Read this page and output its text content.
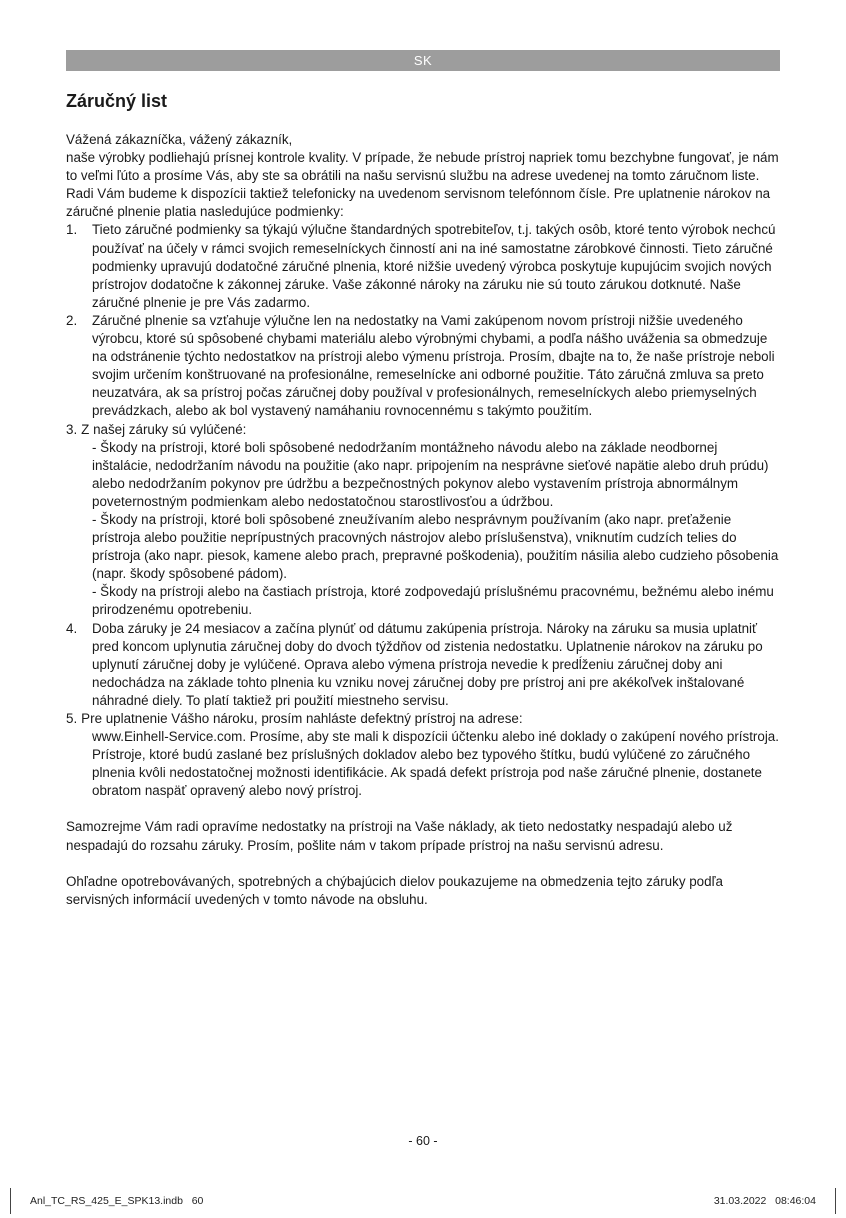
SK
Záručný list

Vážená zákazníčka, vážený zákazník,

naše výrobky podliehajú prísnej kontrole kvality. V prípade, že nebude prístroj napriek tomu bezchybne fungovať, je nám to veľmi ľúto a prosíme Vás, aby ste sa obrátili na našu servisnú službu na adrese uvedenej na tomto záručnom liste. Radi Vám budeme k dispozícii taktiež telefonicky na uvedenom servisnom telefónnom čísle. Pre uplatnenie nárokov na záručné plnenie platia nasledujúce podmienky:

1. Tieto záručné podmienky sa týkajú výlučne štandardných spotrebiteľov, t.j. takých osôb, ktoré tento výrobok nechcú používať na účely v rámci svojich remeselníckych činností ani na iné samostatne zárobkové činnosti. Tieto záručné podmienky upravujú dodatočné záručné plnenia, ktoré nižšie uvedený výrobca poskytuje kupujúcim svojich nových prístrojov dodatočne k zákonnej záruke. Vaše zákonné nároky na záruku nie sú touto zárukou dotknuté. Naše záručné plnenie je pre Vás zadarmo.

2. Záručné plnenie sa vzťahuje výlučne len na nedostatky na Vami zakúpenom novom prístroji nižšie uvedeného výrobcu, ktoré sú spôsobené chybami materiálu alebo výrobnými chybami, a podľa nášho uváženia sa obmedzuje na odstránenie týchto nedostatkov na prístroji alebo výmenu prístroja. Prosím, dbajte na to, že naše prístroje neboli svojim určením konštruované na profesionálne, remeselnícke ani odborné použitie. Táto záručná zmluva sa preto neuzatvára, ak sa prístroj počas záručnej doby používal v profesionálnych, remeselníckych alebo priemyselných prevádzkach, alebo ak bol vystavený namáhaniu rovnocennému s takýmto použitím.

3. Z našej záruky sú vylúčené:

- Škody na prístroji, ktoré boli spôsobené nedodržaním montážneho návodu alebo na základe neodbornej inštalácie, nedodržaním návodu na použitie (ako napr. pripojením na nesprávne sieťové napätie alebo druh prúdu) alebo nedodržaním pokynov pre údržbu a bezpečnostných pokynov alebo vystavením prístroja abnormálnym poveternostným podmienkam alebo nedostatočnou starostlivosťou a údržbou.

- Škody na prístroji, ktoré boli spôsobené zneužívaním alebo nesprávnym používaním (ako napr. preťaženie prístroja alebo použitie neprípustných pracovných nástrojov alebo príslušenstva), vniknutím cudzích telies do prístroja (ako napr. piesok, kamene alebo prach, prepravné poškodenia), použitím násilia alebo cudzieho pôsobenia (napr. škody spôsobené pádom).

- Škody na prístroji alebo na častiach prístroja, ktoré zodpovedajú príslušnému pracovnému, bežnému alebo inému prirodzenému opotrebeniu.

4. Doba záruky je 24 mesiacov a začína plynúť od dátumu zakúpenia prístroja. Nároky na záruku sa musia uplatniť pred koncom uplynutia záručnej doby do dvoch týždňov od zistenia nedostatku. Uplatnenie nárokov na záruku po uplynutí záručnej doby je vylúčené. Oprava alebo výmena prístroja nevedie k predĺženiu záručnej doby ani nedochádza na základe tohto plnenia ku vzniku novej záručnej doby pre prístroj ani pre akékoľvek inštalované náhradné diely. To platí taktiež pri použití miestneho servisu.

5. Pre uplatnenie Vášho nároku, prosím nahláste defektný prístroj na adrese:

www.Einhell-Service.com. Prosíme, aby ste mali k dispozícii účtenku alebo iné doklady o zakúpení nového prístroja. Prístroje, ktoré budú zaslané bez príslušných dokladov alebo bez typového štítku, budú vylúčené zo záručného plnenia kvôli nedostatočnej možnosti identifikácie. Ak spadá defekt prístroja pod naše záručné plnenie, dostanete obratom naspäť opravený alebo nový prístroj.

Samozrejme Vám radi opravíme nedostatky na prístroji na Vaše náklady, ak tieto nedostatky nespadajú alebo už nespadajú do rozsahu záruky. Prosím, pošlite nám v takom prípade prístroj na našu servisnú adresu.

Ohľadne opotrebovávaných, spotrebných a chýbajúcich dielov poukazujeme na obmedzenia tejto záruky podľa servisných informácií uvedených v tomto návode na obsluhu.

- 60 -
Anl_TC_RS_425_E_SPK13.indb   60	31.03.2022   08:46:04
